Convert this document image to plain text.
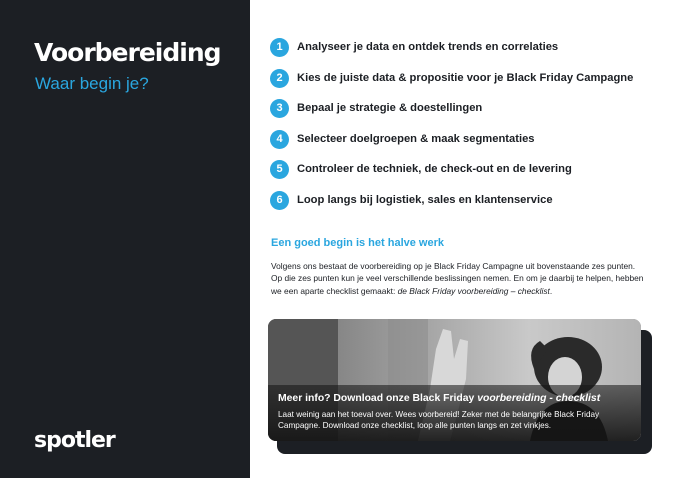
Voorbereiding
Waar begin je?
spotler
1	Analyseer je data en ontdek trends en correlaties
2	Kies de juiste data & propositie voor je Black Friday Campagne
3	Bepaal je strategie & doestellingen
4	Selecteer doelgroepen & maak segmentaties
5	Controleer de techniek, de check-out en de levering
6	Loop langs bij logistiek, sales en klantenservice
Een goed begin is het halve werk
Volgens ons bestaat de voorbereiding op je Black Friday Campagne uit bovenstaande zes punten. Op die zes punten kun je veel verschillende beslissingen nemen. En om je daarbij te helpen, hebben we een aparte checklist gemaakt: de Black Friday voorbereiding – checklist.
Meer info? Download onze Black Friday voorbereiding - checklist
Laat weinig aan het toeval over. Wees voorbereid! Zeker met de belangrijke Black Friday Campagne. Download onze checklist, loop alle punten langs en zet vinkjes.
